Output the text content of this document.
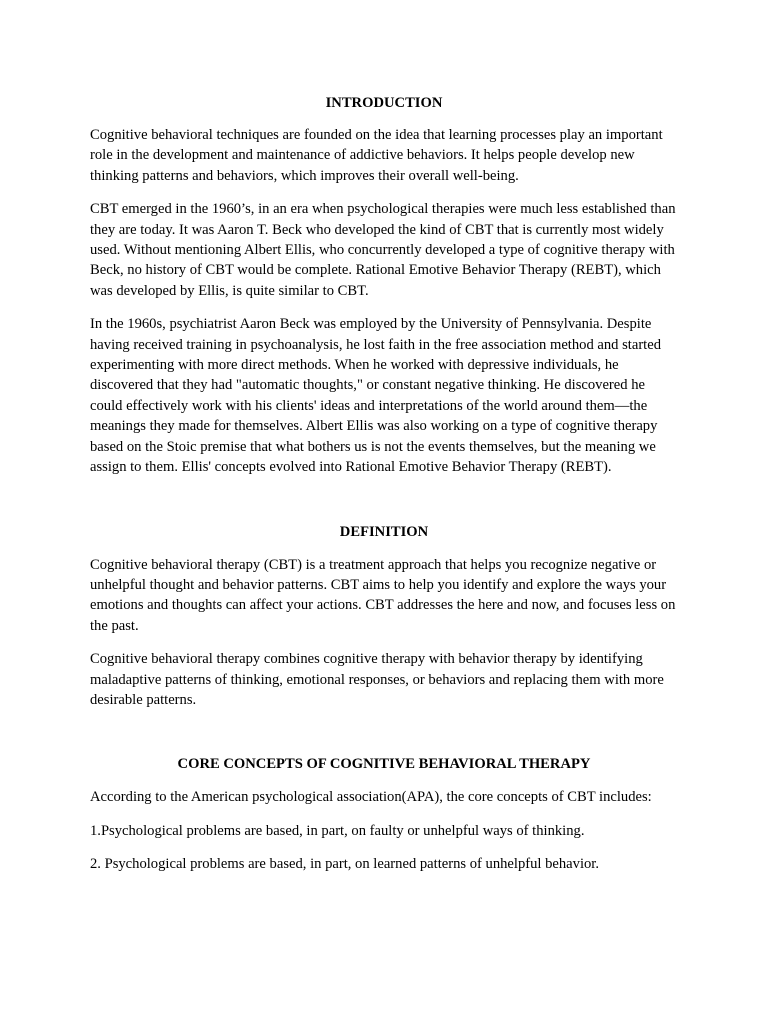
INTRODUCTION

Cognitive behavioral techniques are founded on the idea that learning processes play an important role in the development and maintenance of addictive behaviors. It helps people develop new thinking patterns and behaviors, which improves their overall well-being.

CBT emerged in the 1960’s, in an era when psychological therapies were much less established than they are today. It was Aaron T. Beck who developed the kind of CBT that is currently most widely used. Without mentioning Albert Ellis, who concurrently developed a type of cognitive therapy with Beck, no history of CBT would be complete. Rational Emotive Behavior Therapy (REBT), which was developed by Ellis, is quite similar to CBT.

In the 1960s, psychiatrist Aaron Beck was employed by the University of Pennsylvania. Despite having received training in psychoanalysis, he lost faith in the free association method and started experimenting with more direct methods. When he worked with depressive individuals, he discovered that they had "automatic thoughts," or constant negative thinking. He discovered he could effectively work with his clients' ideas and interpretations of the world around them—the meanings they made for themselves. Albert Ellis was also working on a type of cognitive therapy based on the Stoic premise that what bothers us is not the events themselves, but the meaning we assign to them. Ellis' concepts evolved into Rational Emotive Behavior Therapy (REBT).

DEFINITION

Cognitive behavioral therapy (CBT) is a treatment approach that helps you recognize negative or unhelpful thought and behavior patterns. CBT aims to help you identify and explore the ways your emotions and thoughts can affect your actions. CBT addresses the here and now, and focuses less on the past.

Cognitive behavioral therapy combines cognitive therapy with behavior therapy by identifying maladaptive patterns of thinking, emotional responses, or behaviors and replacing them with more desirable patterns.

CORE CONCEPTS OF COGNITIVE BEHAVIORAL THERAPY

According to the American psychological association(APA), the core concepts of CBT includes:

1.Psychological problems are based, in part, on faulty or unhelpful ways of thinking.

2. Psychological problems are based, in part, on learned patterns of unhelpful behavior.
